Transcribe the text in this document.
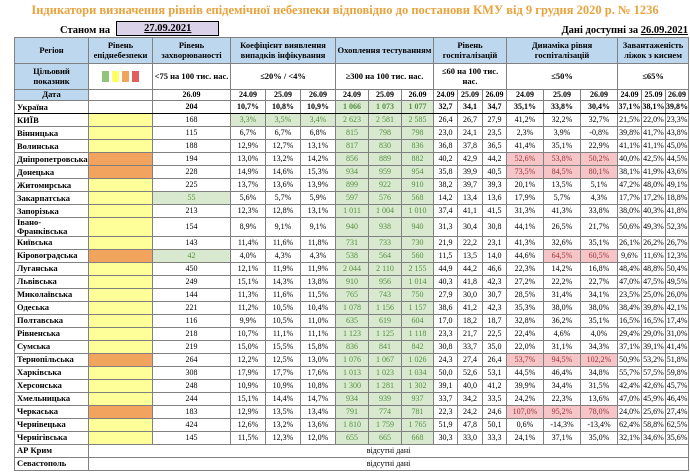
Індикатори визначення рівнів епідемічної небезпеки відповідно до постанови КМУ від 9 грудня 2020 р. № 1236
Станом на	27.09.2021	Дані доступні за 26.09.2021
Регіон	Рівень епіднебезпеки	Рівень захворюваності	Коефіцієнт виявлення випадків інфікування			Охоплення тестуванням			Рівень госпіталізацій			Динаміка рівня госпіталізацій			Завантаженість ліжок з киснем		
Цільовий показник		<75 на 100 тис. нас.	≤20% / <4%			≥300 на 100 тис. нас.			≤60 на 100 тис. нас.			≤50%			≤65%		
Дата		26.09	24.09	25.09	26.09	24.09	25.09	26.09	24.09	25.09	26.09	24.09	25.09	26.09	24.09	25.09	26.09
Україна		204	10,7%	10,8%	10,9%	1 066	1 073	1 077	32,7	34,1	34,7	35,1%	33,8%	30,4%	37,1%	38,1%	39,8%
КИЇВ		168	3,3%	3,5%	3,4%	2 623	2 581	2 585	26,4	26,7	27,9	41,2%	32,2%	32,7%	21,5%	22,0%	23,3%
Вінницька		115	6,7%	6,7%	6,8%	815	798	798	23,0	24,1	23,5	2,3%	3,9%	-0,8%	39,8%	41,7%	43,8%
Волинська		188	12,9%	12,7%	13,1%	817	830	836	36,8	37,8	36,5	41,4%	35,1%	22,9%	41,1%	41,1%	45,0%
Дніпропетровська		194	13,0%	13,2%	14,2%	856	889	882	40,2	42,9	44,2	52,6%	53,8%	50,2%	40,0%	42,5%	44,5%
Донецька		228	14,9%	14,6%	15,3%	934	959	954	35,8	39,9	40,5	73,5%	84,5%	80,1%	38,1%	41,9%	43,6%
Житомирська		225	13,7%	13,6%	13,9%	899	922	910	38,2	39,7	39,3	20,1%	13,5%	5,1%	47,2%	48,0%	49,1%
Закарпатська		55	5,6%	5,7%	5,9%	597	576	568	14,2	13,4	13,6	17,9%	5,7%	4,3%	17,7%	17,2%	18,8%
Запорізька		213	12,3%	12,8%	13,1%	1 011	1 004	1 010	37,4	41,1	41,5	31,3%	41,3%	33,8%	38,0%	40,3%	41,8%
Івано-Франківська		154	8,9%	9,1%	9,1%	940	938	940	31,3	30,4	30,8	44,1%	26,5%	21,7%	50,6%	49,3%	52,3%
Київська		143	11,4%	11,6%	11,8%	731	733	730	21,9	22,2	23,1	41,3%	32,6%	35,1%	26,1%	26,2%	26,7%
Кіровоградська		42	4,0%	4,3%	4,3%	538	564	560	11,5	13,5	14,0	44,6%	64,5%	60,5%	9,6%	11,6%	12,3%
Луганська		450	12,1%	11,9%	11,9%	2 044	2 110	2 155	44,9	44,2	46,6	22,3%	14,2%	16,8%	48,4%	48,8%	50,4%
Львівська		249	15,1%	14,3%	13,8%	910	956	1 014	40,3	41,8	42,3	27,2%	22,2%	22,7%	47,0%	47,5%	49,5%
Миколаївська		144	11,3%	11,6%	11,5%	765	743	750	27,9	30,0	30,7	28,5%	31,4%	34,1%	23,5%	25,0%	26,0%
Одеська		221	11,2%	10,5%	10,4%	1 078	1 156	1 157	38,6	41,2	42,3	35,3%	38,0%	38,0%	38,4%	39,8%	42,1%
Полтавська		116	9,9%	10,5%	11,0%	635	619	604	17,0	18,2	18,7	32,8%	36,2%	35,1%	16,5%	16,5%	17,4%
Рівненська		218	10,7%	11,1%	11,1%	1 123	1 125	1 118	23,3	21,7	22,5	22,4%	4,6%	4,0%	29,4%	29,0%	31,0%
Сумська		219	15,0%	15,5%	15,8%	836	841	842	30,8	33,7	35,0	22,0%	31,1%	34,3%	37,1%	39,1%	41,4%
Тернопільська		264	12,2%	12,5%	13,0%	1 076	1 067	1 026	24,3	27,4	26,4	53,7%	94,5%	102,2%	50,9%	53,2%	51,8%
Харківська		308	17,9%	17,7%	17,6%	1 013	1 023	1 034	50,0	52,6	53,1	44,5%	46,4%	34,8%	55,7%	57,5%	59,8%
Херсонська		248	10,9%	10,9%	10,8%	1 300	1 281	1 302	39,1	40,0	41,2	39,9%	34,4%	31,5%	42,4%	42,6%	45,7%
Хмельницька		244	15,1%	14,4%	14,7%	934	939	937	33,7	34,2	33,5	24,2%	22,3%	13,6%	47,0%	45,9%	46,4%
Черкаська		183	12,9%	13,5%	13,4%	791	774	781	22,3	24,2	24,6	107,0%	95,2%	78,0%	24,0%	25,6%	27,4%
Чернівецька		424	12,6%	13,2%	13,6%	1 810	1 759	1 765	51,9	47,8	50,1	0,6%	-14,3%	-13,4%	62,4%	58,8%	62,5%
Чернігівська		145	11,5%	12,3%	12,0%	655	665	668	30,3	33,0	33,3	24,1%	37,1%	35,0%	32,1%	34,6%	35,6%
АР Крим	відсутні дані																
Севастополь	відсутні дані																
